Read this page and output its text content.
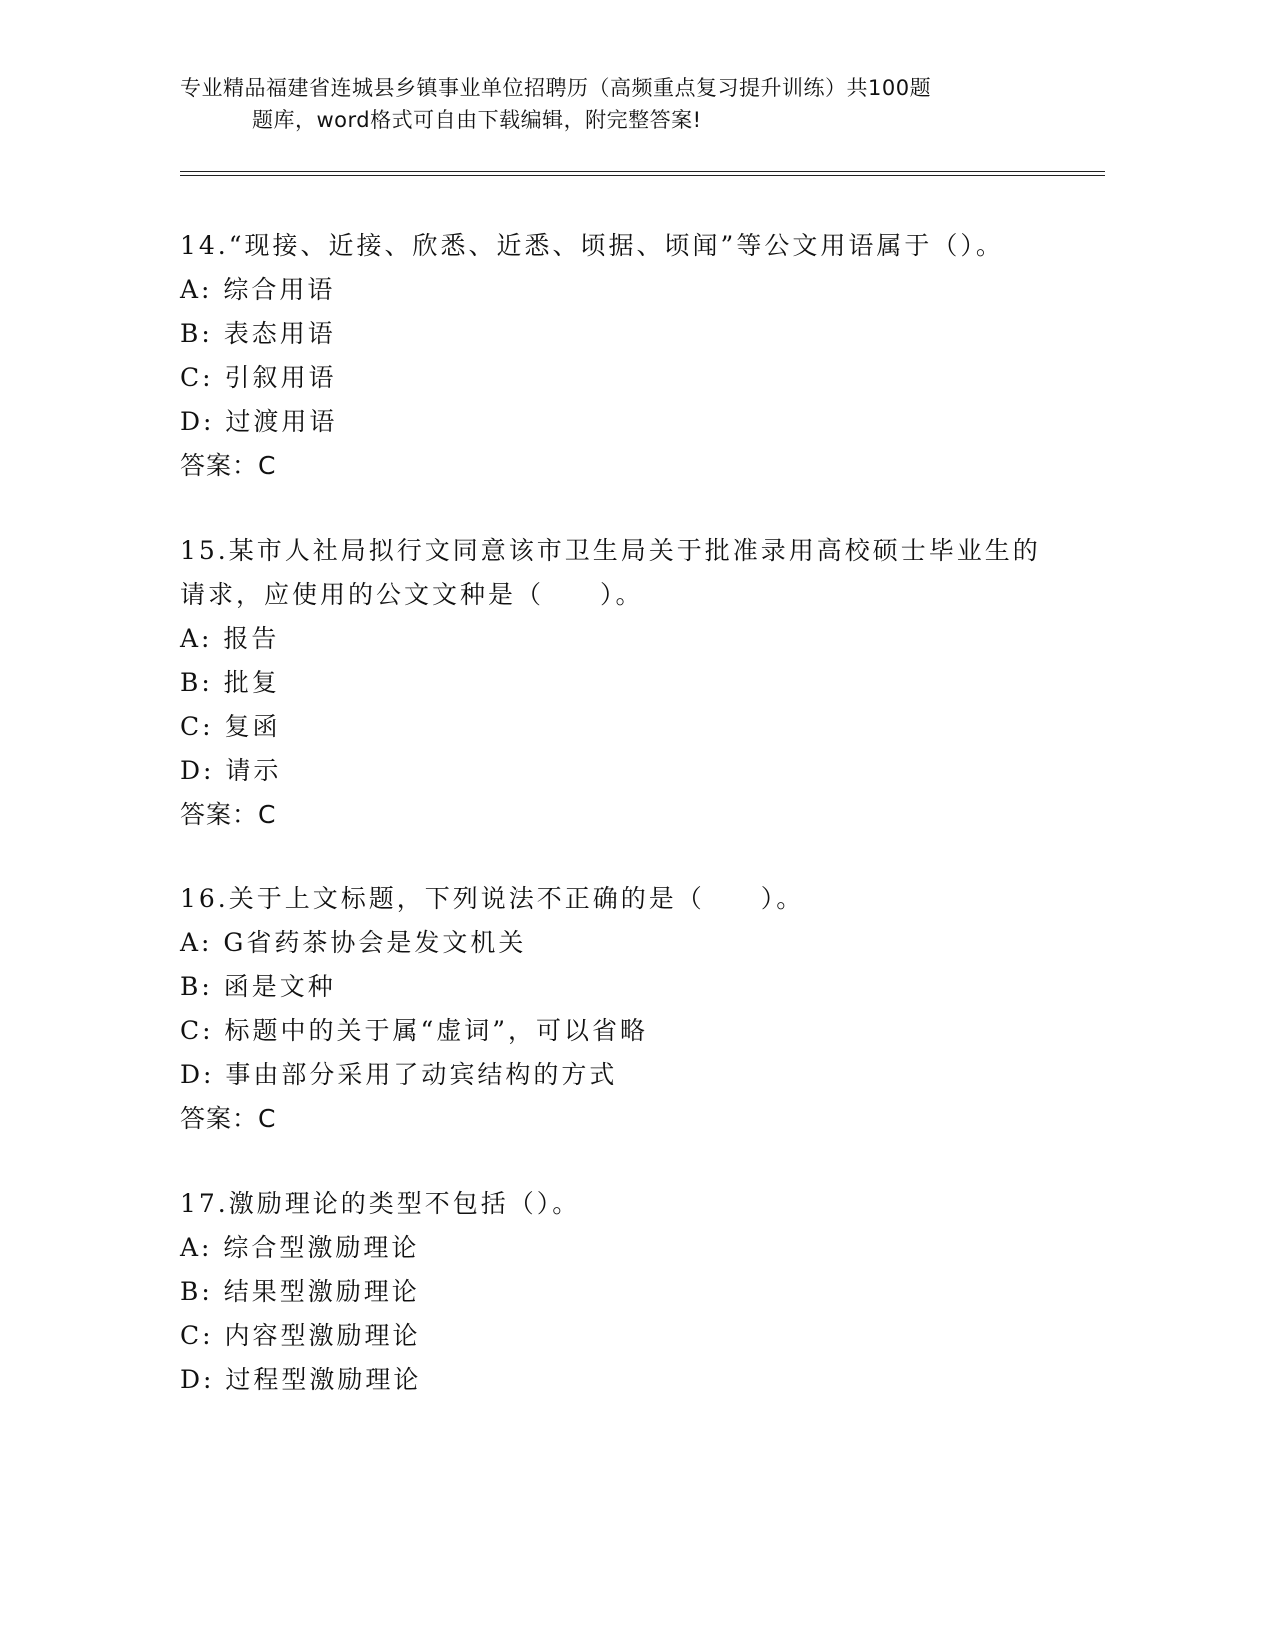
专业精品福建省连城县乡镇事业单位招聘历（高频重点复习提升训练）共100题
题库，word格式可自由下载编辑，附完整答案!
14.“现接、近接、欣悉、近悉、顷据、顷闻”等公文用语属于（）。
A: 综合用语
B: 表态用语
C: 引叙用语
D: 过渡用语
答案：C
15.某市人社局拟行文同意该市卫生局关于批准录用高校硕士毕业生的
请求，应使用的公文文种是（　　）。
A: 报告
B: 批复
C: 复函
D: 请示
答案：C
16.关于上文标题，下列说法不正确的是（　　）。
A: G省药茶协会是发文机关
B: 函是文种
C: 标题中的关于属“虚词”，可以省略
D: 事由部分采用了动宾结构的方式
答案：C
17.激励理论的类型不包括（）。
A: 综合型激励理论
B: 结果型激励理论
C: 内容型激励理论
D: 过程型激励理论
